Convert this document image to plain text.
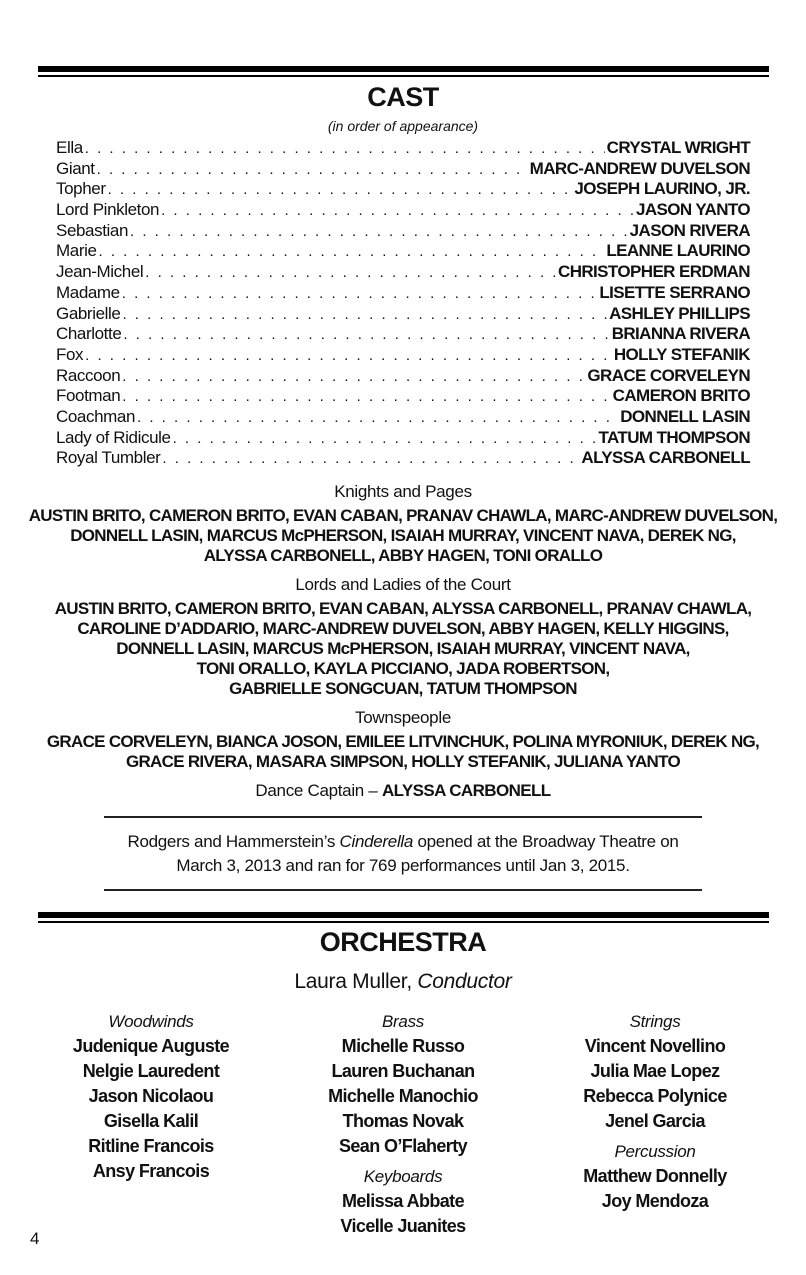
CAST
(in order of appearance)
Ella . . .	CRYSTAL WRIGHT
Giant . . .	MARC-ANDREW DUVELSON
Topher . . .	JOSEPH LAURINO, JR.
Lord Pinkleton . . .	JASON YANTO
Sebastian . . .	JASON RIVERA
Marie . . .	LEANNE LAURINO
Jean-Michel . . .	CHRISTOPHER ERDMAN
Madame . . .	LISETTE SERRANO
Gabrielle . . .	ASHLEY PHILLIPS
Charlotte . . .	BRIANNA RIVERA
Fox . . .	HOLLY STEFANIK
Raccoon . . .	GRACE CORVELEYN
Footman . . .	CAMERON BRITO
Coachman . . .	DONNELL LASIN
Lady of Ridicule . . .	TATUM THOMPSON
Royal Tumbler . . .	ALYSSA CARBONELL
Knights and Pages
AUSTIN BRITO, CAMERON BRITO, EVAN CABAN, PRANAV CHAWLA, MARC-ANDREW DUVELSON,
DONNELL LASIN, MARCUS McPHERSON, ISAIAH MURRAY, VINCENT NAVA, DEREK NG,
ALYSSA CARBONELL, ABBY HAGEN, TONI ORALLO
Lords and Ladies of the Court
AUSTIN BRITO, CAMERON BRITO, EVAN CABAN, ALYSSA CARBONELL, PRANAV CHAWLA,
CAROLINE D’ADDARIO, MARC-ANDREW DUVELSON, ABBY HAGEN, KELLY HIGGINS,
DONNELL LASIN, MARCUS McPHERSON, ISAIAH MURRAY, VINCENT NAVA,
TONI ORALLO, KAYLA PICCIANO, JADA ROBERTSON,
GABRIELLE SONGCUAN, TATUM THOMPSON
Townspeople
GRACE CORVELEYN, BIANCA JOSON, EMILEE LITVINCHUK, POLINA MYRONIUK, DEREK NG,
GRACE RIVERA, MASARA SIMPSON, HOLLY STEFANIK, JULIANA YANTO
Dance Captain – ALYSSA CARBONELL
Rodgers and Hammerstein’s Cinderella opened at the Broadway Theatre on
March 3, 2013 and ran for 769 performances until Jan 3, 2015.
ORCHESTRA
Laura Muller, Conductor
Woodwinds
Judenique Auguste
Nelgie Lauredent
Jason Nicolaou
Gisella Kalil
Ritline Francois
Ansy Francois
Brass
Michelle Russo
Lauren Buchanan
Michelle Manochio
Thomas Novak
Sean O’Flaherty
Keyboards
Melissa Abbate
Vicelle Juanites
Strings
Vincent Novellino
Julia Mae Lopez
Rebecca Polynice
Jenel Garcia
Percussion
Matthew Donnelly
Joy Mendoza
4
